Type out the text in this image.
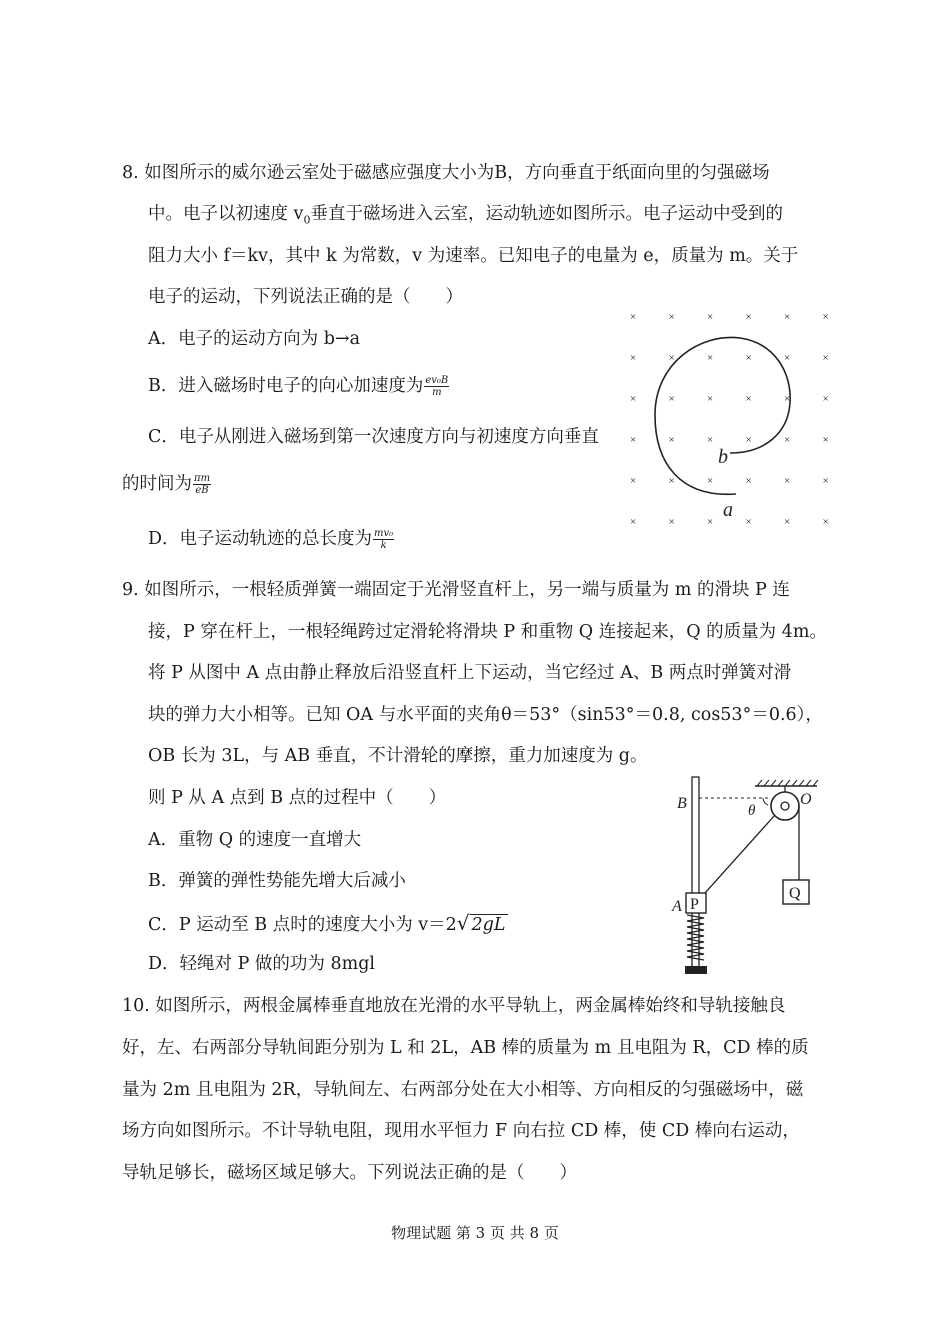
8. 如图所示的威尔逊云室处于磁感应强度大小为B，方向垂直于纸面向里的匀强磁场
中。电子以初速度 $v_0$垂直于磁场进入云室，运动轨迹如图所示。电子运动中受到的
阻力大小 f＝kv，其中 k 为常数，v 为速率。已知电子的电量为 e，质量为 m。关于
电子的运动，下列说法正确的是（　　）
A．电子的运动方向为 b→a
B．进入磁场时电子的向心加速度为 $\frac{\text{ev₀B}}{m}$
C．电子从刚进入磁场到第一次速度方向与初速度方向垂直
的时间为 $\frac{\pi m}{eB}$
D．电子运动轨迹的总长度为 $\frac{\text{mv₀}}{k}$
×	×	×	×	×	×
×	×	×	×	×	×
×	×	×	×	×	×
×	×	×	×	×	×
×	×	×	×	×	×
×	×	×	×	×	×
b
a
9. 如图所示，一根轻质弹簧一端固定于光滑竖直杆上，另一端与质量为 m 的滑块 P 连
接，P 穿在杆上，一根轻绳跨过定滑轮将滑块 P 和重物 Q 连接起来，Q 的质量为 4m。
将 P 从图中 A 点由静止释放后沿竖直杆上下运动，当它经过 A、B 两点时弹簧对滑
块的弹力大小相等。已知 OA 与水平面的夹角θ＝53°（sin53°＝0.8, cos53°＝0.6），
OB 长为 3L，与 AB 垂直，不计滑轮的摩擦，重力加速度为 g。
则 P 从 A 点到 B 点的过程中（　　）
A．重物 Q 的速度一直增大
B．弹簧的弹性势能先增大后减小
C．P 运动至 B 点时的速度大小为 v＝2√ 2gL
D．轻绳对 P 做的功为 8mgl
Q
P
B
A
O
θ
10. 如图所示，两根金属棒垂直地放在光滑的水平导轨上，两金属棒始终和导轨接触良
好，左、右两部分导轨间距分别为 L 和 2L，AB 棒的质量为 m 且电阻为 R，CD 棒的质
量为 2m 且电阻为 2R，导轨间左、右两部分处在大小相等、方向相反的匀强磁场中，磁
场方向如图所示。不计导轨电阻，现用水平恒力 F 向右拉 CD 棒，使 CD 棒向右运动，
导轨足够长，磁场区域足够大。下列说法正确的是（　　）
物理试题 第 3 页 共 8 页
